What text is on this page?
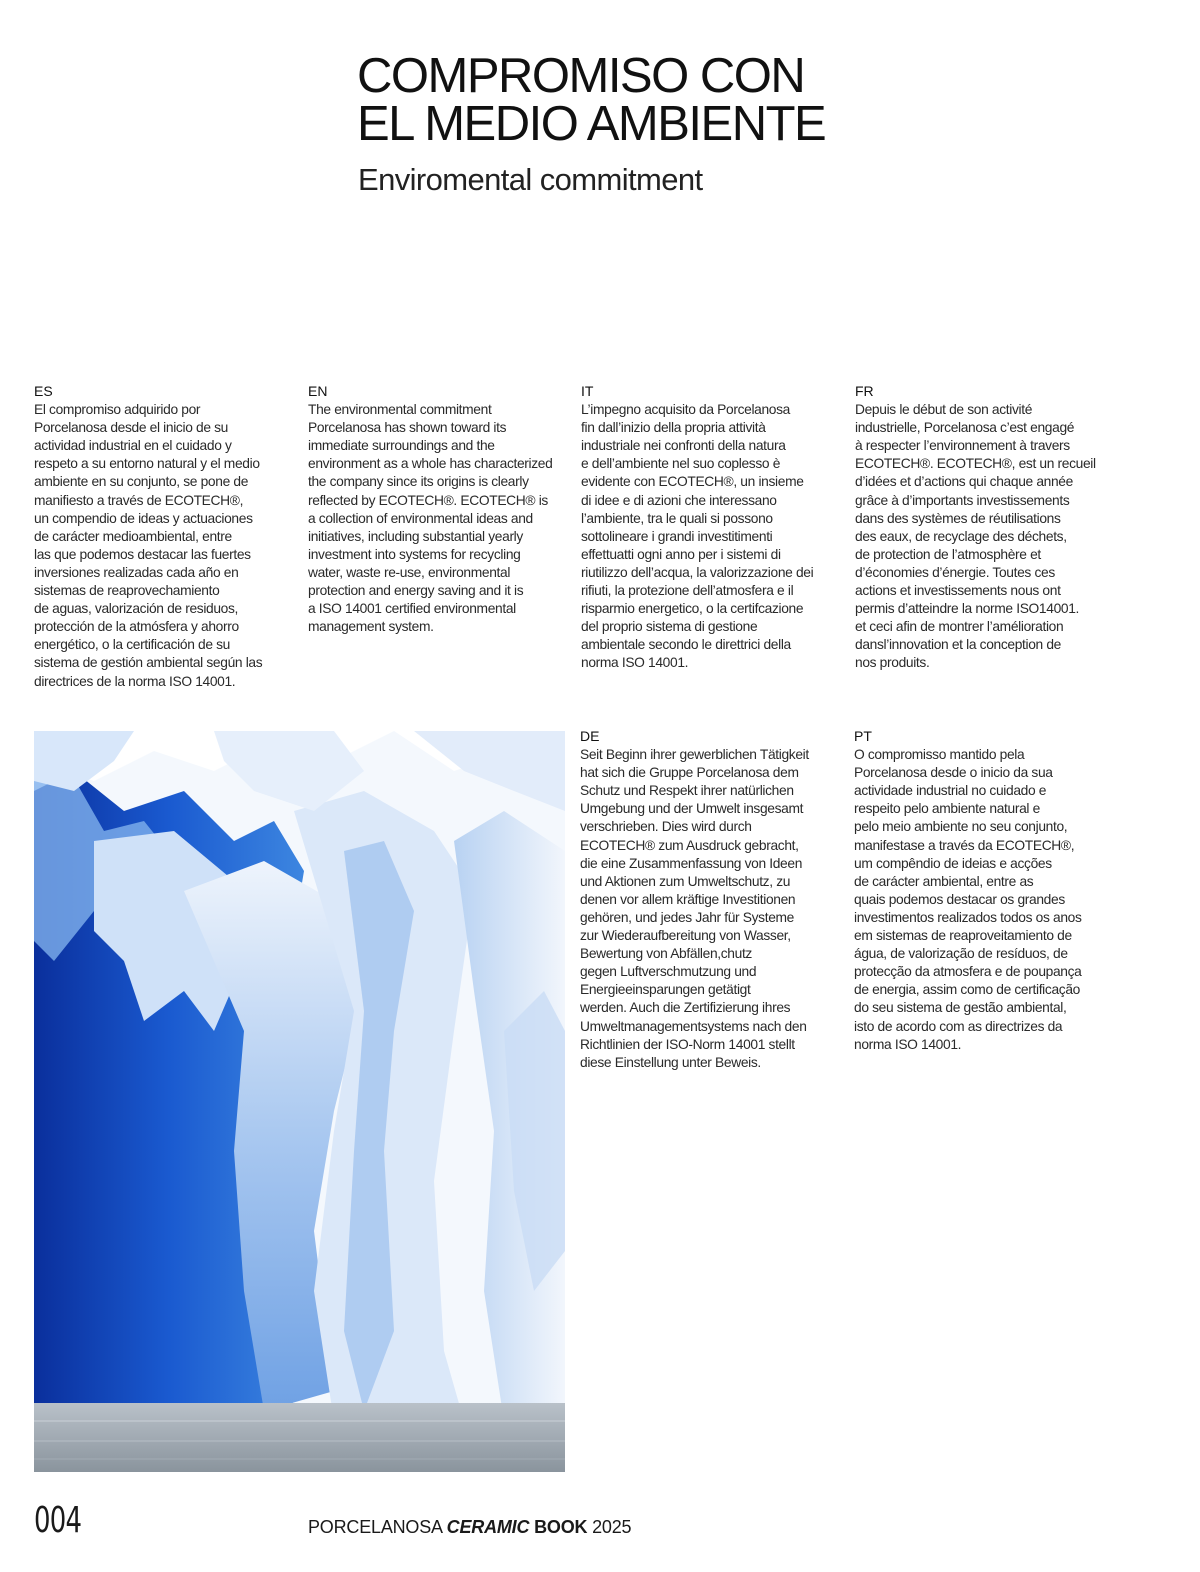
COMPROMISO CON
EL MEDIO AMBIENTE

Enviromental commitment

ES

El compromiso adquirido por
Porcelanosa desde el inicio de su
actividad industrial en el cuidado y
respeto a su entorno natural y el medio
ambiente en su conjunto, se pone de
manifiesto a través de ECOTECH®,
un compendio de ideas y actuaciones
de carácter medioambiental, entre
las que podemos destacar las fuertes
inversiones realizadas cada año en
sistemas de reaprovechamiento
de aguas, valorización de residuos,
protección de la atmósfera y ahorro
energético, o la certificación de su
sistema de gestión ambiental según las
directrices de la norma ISO 14001.

EN

The environmental commitment
Porcelanosa has shown toward its
immediate surroundings and the
environment as a whole has characterized
the company since its origins is clearly
reflected by ECOTECH®. ECOTECH® is
a collection of environmental ideas and
initiatives, including substantial yearly
investment into systems for recycling
water, waste re-use, environmental
protection and energy saving and it is
a ISO 14001 certified environmental
management system.

IT

L’impegno acquisito da Porcelanosa
fin dall’inizio della propria attività
industriale nei confronti della natura
e dell’ambiente nel suo coplesso è
evidente con ECOTECH®, un insieme
di idee e di azioni che interessano
l’ambiente, tra le quali si possono
sottolineare i grandi investitimenti
effettuatti ogni anno per i sistemi di
riutilizzo dell’acqua, la valorizzazione dei
rifiuti, la protezione dell’atmosfera e il
risparmio energetico, o la certifcazione
del proprio sistema di gestione
ambientale secondo le direttrici della
norma ISO 14001.

FR

Depuis le début de son activité
industrielle, Porcelanosa c’est engagé
à respecter l’environnement à travers
ECOTECH®. ECOTECH®, est un recueil
d’idées et d’actions qui chaque année
grâce à d’importants investissements
dans des systèmes de réutilisations
des eaux, de recyclage des déchets,
de protection de l’atmosphère et
d’économies d’énergie. Toutes ces
actions et investissements nous ont
permis d’atteindre la norme ISO14001.
et ceci afin de montrer l’amélioration
dansl’innovation et la conception de
nos produits.

DE

Seit Beginn ihrer gewerblichen Tätigkeit
hat sich die Gruppe Porcelanosa dem
Schutz und Respekt ihrer natürlichen
Umgebung und der Umwelt insgesamt
verschrieben. Dies wird durch
ECOTECH® zum Ausdruck gebracht,
die eine Zusammenfassung von Ideen
und Aktionen zum Umweltschutz, zu
denen vor allem kräftige Investitionen
gehören, und jedes Jahr für Systeme
zur Wiederaufbereitung von Wasser,
Bewertung von Abfällen,chutz
gegen Luftverschmutzung und
Energieeinsparungen getätigt
werden. Auch die Zertifizierung ihres
Umweltmanagementsystems nach den
Richtlinien der ISO-Norm 14001 stellt
diese Einstellung unter Beweis.

PT

O compromisso mantido pela
Porcelanosa desde o inicio da sua
actividade industrial no cuidado e
respeito pelo ambiente natural e
pelo meio ambiente no seu conjunto,
manifestase a través da ECOTECH®,
um compêndio de ideias e acções
de carácter ambiental, entre as
quais podemos destacar os grandes
investimentos realizados todos os anos
em sistemas de reaproveitamiento de
água, de valorização de resíduos, de
protecção da atmosfera e de poupança
de energia, assim como de certificação
do seu sistema de gestão ambiental,
isto de acordo com as directrizes da
norma ISO 14001.

004	PORCELANOSA CERAMIC BOOK 2025
